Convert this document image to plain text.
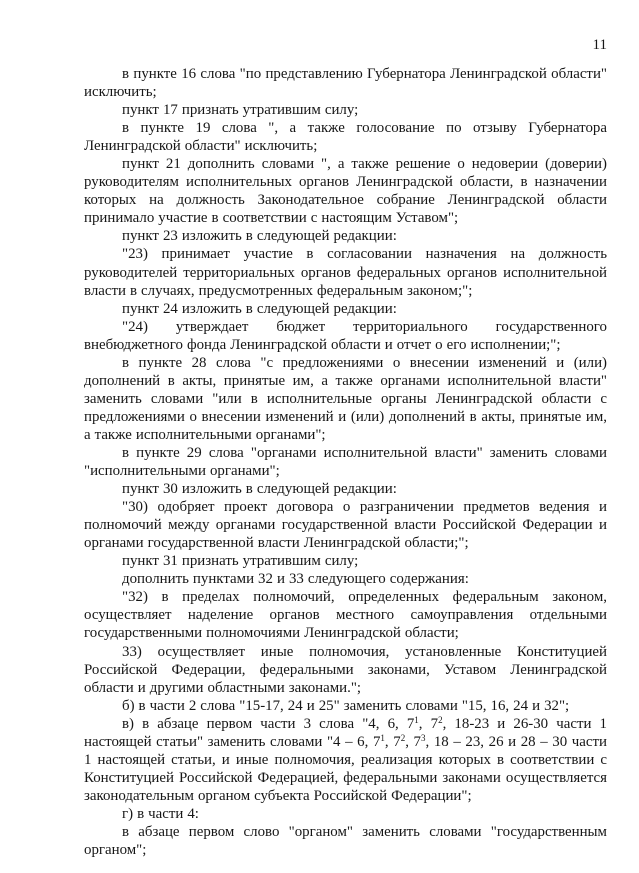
11

в пункте 16 слова "по представлению Губернатора Ленинградской области" исключить;

пункт 17 признать утратившим силу;

в пункте 19 слова ", а также голосование по отзыву Губернатора Ленинградской области" исключить;

пункт 21 дополнить словами ", а также решение о недоверии (доверии) руководителям исполнительных органов Ленинградской области, в назначении которых на должность Законодательное собрание Ленинградской области принимало участие в соответствии с настоящим Уставом";

пункт 23 изложить в следующей редакции:

"23) принимает участие в согласовании назначения на должность руководителей территориальных органов федеральных органов исполнительной власти в случаях, предусмотренных федеральным законом;";

пункт 24 изложить в следующей редакции:

"24) утверждает бюджет территориального государственного внебюджетного фонда Ленинградской области и отчет о его исполнении;";

в пункте 28 слова "с предложениями о внесении изменений и (или) дополнений в акты, принятые им, а также органами исполнительной власти" заменить словами "или в исполнительные органы Ленинградской области с предложениями о внесении изменений и (или) дополнений в акты, принятые им, а также исполнительными органами";

в пункте 29 слова "органами исполнительной власти" заменить словами "исполнительными органами";

пункт 30 изложить в следующей редакции:

"30) одобряет проект договора о разграничении предметов ведения и полномочий между органами государственной власти Российской Федерации и органами государственной власти Ленинградской области;";

пункт 31 признать утратившим силу;

дополнить пунктами 32 и 33 следующего содержания:

"32) в пределах полномочий, определенных федеральным законом, осуществляет наделение органов местного самоуправления отдельными государственными полномочиями Ленинградской области;

33) осуществляет иные полномочия, установленные Конституцией Российской Федерации, федеральными законами, Уставом Ленинградской области и другими областными законами.";

б) в части 2 слова "15-17, 24 и 25" заменить словами "15, 16, 24 и 32";

в) в абзаце первом части 3 слова "4, 6, $7^1$, $7^2$, 18-23 и 26-30 части 1 настоящей статьи" заменить словами "4 – 6, $7^1$, $7^2$, $7^3$, 18 – 23, 26 и 28 – 30 части 1 настоящей статьи, и иные полномочия, реализация которых в соответствии с Конституцией Российской Федерацией, федеральными законами осуществляется законодательным органом субъекта Российской Федерации";

г) в части 4:

в абзаце первом слово "органом" заменить словами "государственным органом";
